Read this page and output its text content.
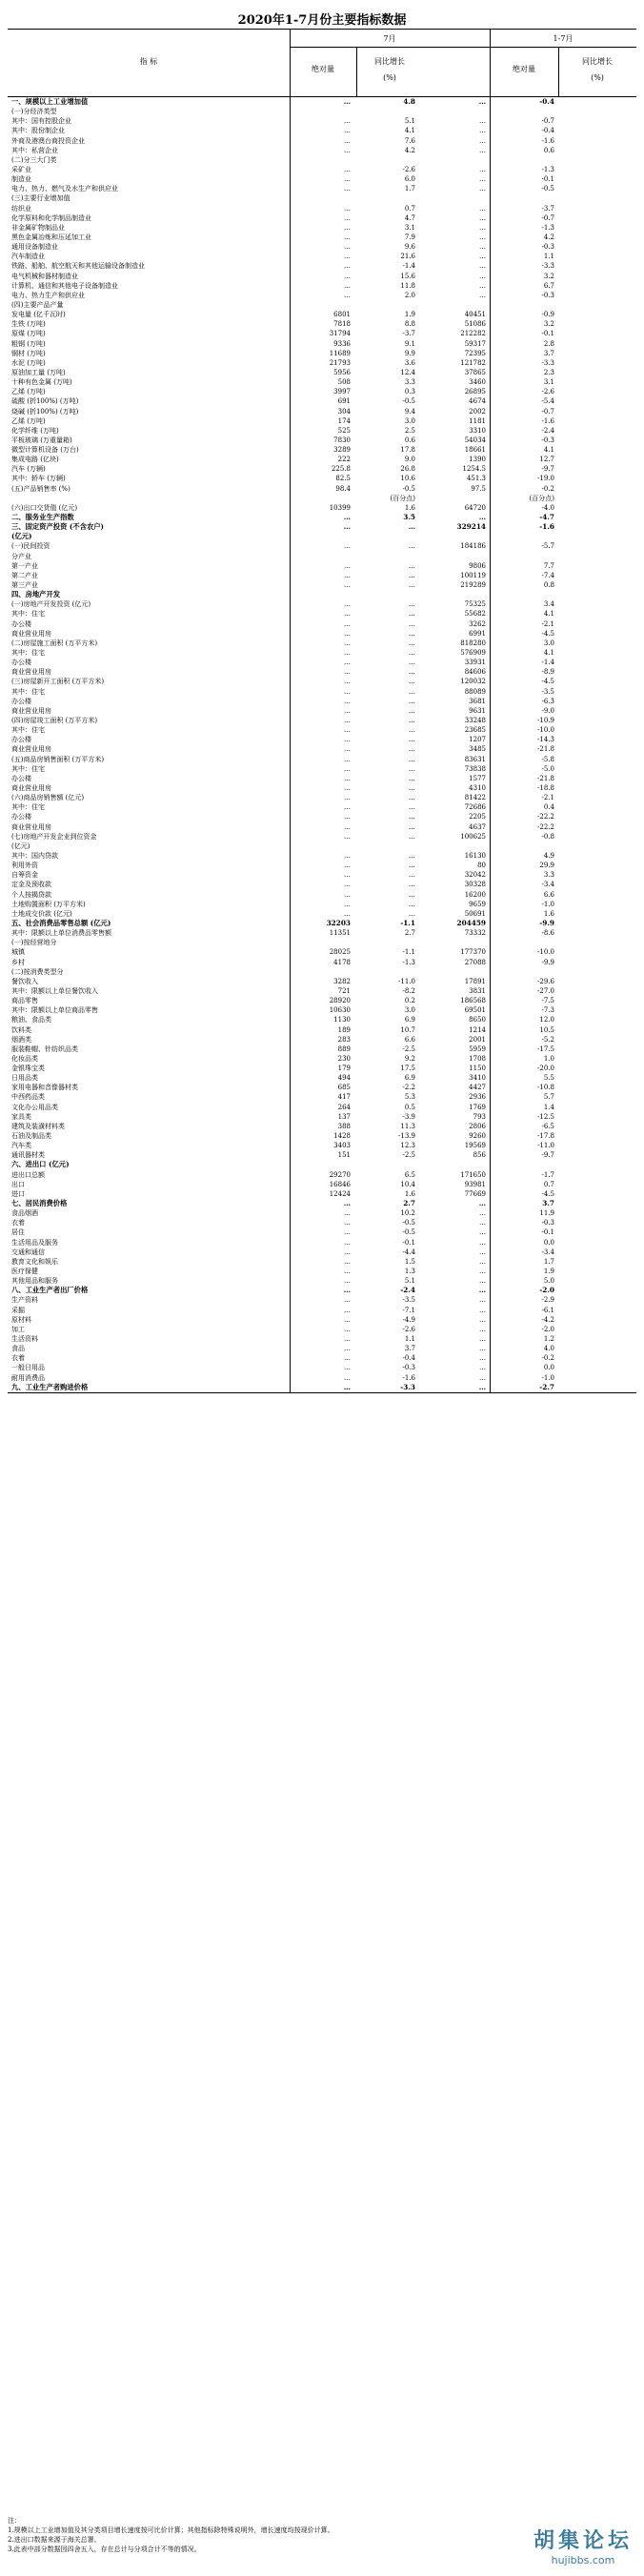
2020年1-7月份主要指标数据
指 标
7月	1-7月
绝对量
同比增长
(%)
绝对量
同比增长
(%)
一、规模以上工业增加值	…	4.8	…	-0.4
(一)分经济类型
其中：国有控股企业	…	5.1	…	-0.7
其中：股份制企业	…	4.1	…	-0.4
外商及港澳台商投资企业	…	7.6	…	-1.6
其中：私营企业	…	4.2	…	0.6
(二)分三大门类
采矿业	…	-2.6	…	-1.3
制造业	…	6.0	…	-0.1
电力、热力、燃气及水生产和供应业	…	1.7	…	-0.5
(三)主要行业增加值
纺织业	…	0.7	…	-3.7
化学原料和化学制品制造业	…	4.7	…	-0.7
非金属矿物制品业	…	3.1	…	-1.3
黑色金属冶炼和压延加工业	…	7.9	…	4.2
通用设备制造业	…	9.6	…	-0.3
汽车制造业	…	21.6	…	1.1
铁路、船舶、航空航天和其他运输设备制造业	…	-1.4	…	-3.3
电气机械和器材制造业	…	15.6	…	3.2
计算机、通信和其他电子设备制造业	…	11.8	…	6.7
电力、热力生产和供应业	…	2.0	…	-0.3
(四)主要产品产量
发电量 (亿千瓦时)	6801	1.9	40451	-0.9
生铁 (万吨)	7818	8.8	51086	3.2
原煤 (万吨)	31794	-3.7	212282	-0.1
粗钢 (万吨)	9336	9.1	59317	2.8
钢材 (万吨)	11689	9.9	72395	3.7
水泥 (万吨)	21793	3.6	121782	-3.3
原油加工量 (万吨)	5956	12.4	37865	2.3
十种有色金属 (万吨)	508	3.3	3460	3.1
乙烯 (万吨)	3997	0.3	26895	-2.6
硫酸 (折100%) (万吨)	691	-0.5	4674	-5.4
烧碱 (折100%) (万吨)	304	9.4	2002	-0.7
乙烯 (万吨)	174	3.0	1181	-1.6
化学纤维 (万吨)	525	2.5	3310	-2.4
平板玻璃 (万重量箱)	7830	0.6	54034	-0.3
微型计算机设备 (万台)	3289	17.8	18661	4.1
集成电路 (亿块)	222	9.0	1390	12.7
汽车 (万辆)	225.8	26.8	1254.5	-9.7
其中：轿车 (万辆)	82.5	10.6	451.3	-19.0
(五)产品销售率 (%)	98.4	-0.5	97.5	-0.2
(百分点)	(百分点)
(六)出口交货值 (亿元)	10399	1.6	64720	-4.0
二、服务业生产指数	…	3.5	…	-4.7
三、固定资产投资 (不含农户)	…	…	329214	-1.6
(亿元)
(一)民间投资	…	…	184186	-5.7
分产业
第一产业	…	…	9806	7.7
第二产业	…	…	100119	-7.4
第三产业	…	…	219289	0.8
四、房地产开发
(一)房地产开发投资 (亿元)	…	…	75325	3.4
其中：住宅	…	…	55682	4.1
办公楼	…	…	3262	-2.1
商业营业用房	…	…	6991	-4.5
(二)房屋施工面积 (万平方米)	…	…	818280	3.0
其中：住宅	…	…	576909	4.1
办公楼	…	…	33931	-1.4
商业营业用房	…	…	84606	-8.9
(三)房屋新开工面积 (万平方米)	…	…	120032	-4.5
其中：住宅	…	…	88089	-3.5
办公楼	…	…	3681	-6.3
商业营业用房	…	…	9631	-9.0
(四)房屋竣工面积 (万平方米)	…	…	33248	-10.9
其中：住宅	…	…	23685	-10.0
办公楼	…	…	1207	-14.3
商业营业用房	…	…	3485	-21.8
(五)商品房销售面积 (万平方米)	…	…	83631	-5.8
其中：住宅	…	…	73838	-5.0
办公楼	…	…	1577	-21.8
商业营业用房	…	…	4310	-18.8
(六)商品房销售额 (亿元)	…	…	81422	-2.1
其中：住宅	…	…	72686	0.4
办公楼	…	…	2205	-22.2
商业营业用房	…	…	4637	-22.2
(七)房地产开发企业到位资金	…	…	100625	-0.8
(亿元)
其中：国内贷款	…	…	16130	4.9
利用外资	…	…	80	29.9
自筹资金	…	…	32042	3.3
定金及预收款	…	…	30328	-3.4
个人按揭贷款	…	…	16200	6.6
土地购置面积 (万平方米)	…	…	9659	-1.0
土地成交价款 (亿元)	…	…	50691	1.6
五、社会消费品零售总额 (亿元)	32203	-1.1	204459	-9.9
其中：限额以上单位消费品零售额	11351	2.7	73332	-8.6
(一)按经营地分
城镇	28025	-1.1	177370	-10.0
乡村	4178	-1.3	27088	-9.9
(二)按消费类型分
餐饮收入	3282	-11.0	17891	-29.6
其中：限额以上单位餐饮收入	721	-8.2	3831	-27.0
商品零售	28920	0.2	186568	-7.5
其中：限额以上单位商品零售	10630	3.0	69501	-7.3
粮油、食品类	1130	6.9	8650	12.0
饮料类	189	10.7	1214	10.5
烟酒类	283	6.6	2001	-5.2
服装鞋帽、针纺织品类	889	-2.5	5959	-17.5
化妆品类	230	9.2	1708	1.0
金银珠宝类	179	17.5	1150	-20.0
日用品类	494	6.9	3410	5.5
家用电器和音像器材类	685	-2.2	4427	-10.8
中西药品类	417	5.3	2936	5.7
文化办公用品类	264	0.5	1769	1.4
家具类	137	-3.9	793	-12.5
建筑及装潢材料类	388	11.3	2806	-6.5
石油及制品类	1428	-13.9	9260	-17.8
汽车类	3403	12.3	19569	-11.0
通讯器材类	151	-2.5	856	-9.7
六、进出口 (亿元)
进出口总额	29270	6.5	171650	-1.7
出口	16846	10.4	93981	0.7
进口	12424	1.6	77669	-4.5
七、居民消费价格	…	2.7	…	3.7
食品烟酒	…	10.2	…	11.9
衣着	…	-0.5	…	-0.3
居住	…	-0.5	…	-0.1
生活用品及服务	…	-0.1	…	0.0
交通和通信	…	-4.4	…	-3.4
教育文化和娱乐	…	1.5	…	1.7
医疗保健	…	1.3	…	1.9
其他用品和服务	…	5.1	…	5.0
八、工业生产者出厂价格	…	-2.4	…	-2.0
生产资料	…	-3.5	…	-2.9
采掘	…	-7.1	…	-6.1
原材料	…	-4.9	…	-4.2
加工	…	-2.6	…	-2.0
生活资料	…	1.1	…	1.2
食品	…	3.7	…	4.0
衣着	…	-0.4	…	-0.2
一般日用品	…	-0.3	…	0.0
耐用消费品	…	-1.6	…	-1.0
九、工业生产者购进价格	…	-3.3	…	-2.7
注：
1.规模以上工业增加值及其分类项目增长速度按可比价计算；其他指标除特殊说明外，增长速度均按现价计算。
2.进出口数据来源于海关总署。
3.此表中部分数据因四舍五入，存在总计与分项合计不等的情况。	胡集论坛
hujibbs.com
